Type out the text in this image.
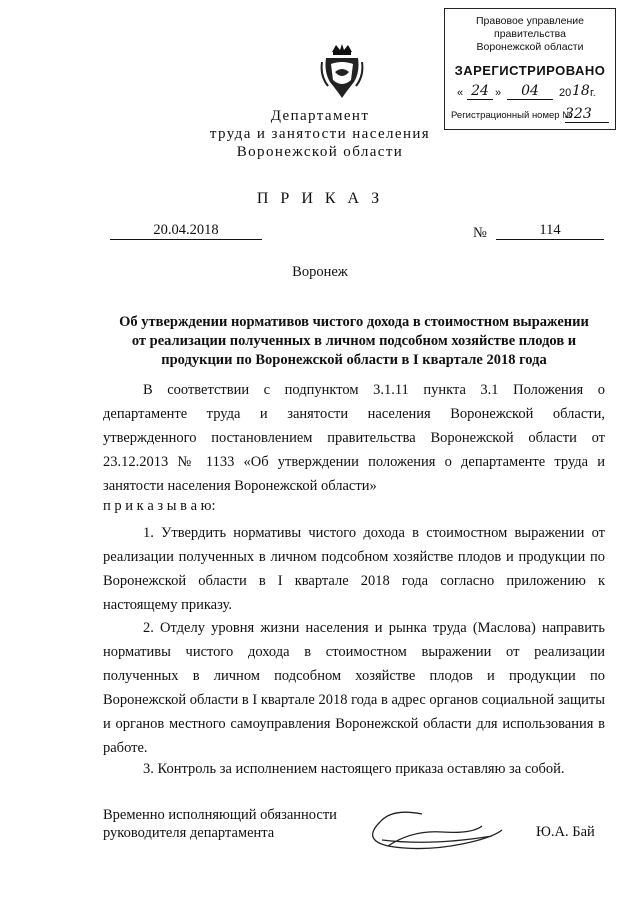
Правовое управление правительства
Воронежской области
ЗАРЕГИСТРИРОВАНО
« 24 »	04	20 18 г.
Регистрационный номер №
323
Департамент
труда и занятости населения
Воронежской области
П Р И К А З
20.04.2018	№	114
Воронеж
Об утверждении нормативов чистого дохода в стоимостном выражении
от реализации полученных в личном подсобном хозяйстве плодов и
продукции по Воронежской области в I квартале 2018 года
В соответствии с подпунктом 3.1.11 пункта 3.1 Положения о департаменте труда и занятости населения Воронежской области, утвержденного постановлением правительства Воронежской области от 23.12.2013 № 1133 «Об утверждении положения о департаменте труда и занятости населения Воронежской области»
п р и к а з ы в а ю:
1. Утвердить нормативы чистого дохода в стоимостном выражении от реализации полученных в личном подсобном хозяйстве плодов и продукции по Воронежской области в I квартале 2018 года согласно приложению к настоящему приказу.
2. Отделу уровня жизни населения и рынка труда (Маслова) направить нормативы чистого дохода в стоимостном выражении от реализации полученных в личном подсобном хозяйстве плодов и продукции по Воронежской области в I квартале 2018 года в адрес органов социальной защиты и органов местного самоуправления Воронежской области для использования в работе.
3. Контроль за исполнением настоящего приказа оставляю за собой.
Временно исполняющий обязанности
руководителя департамента	Ю.А. Бай
